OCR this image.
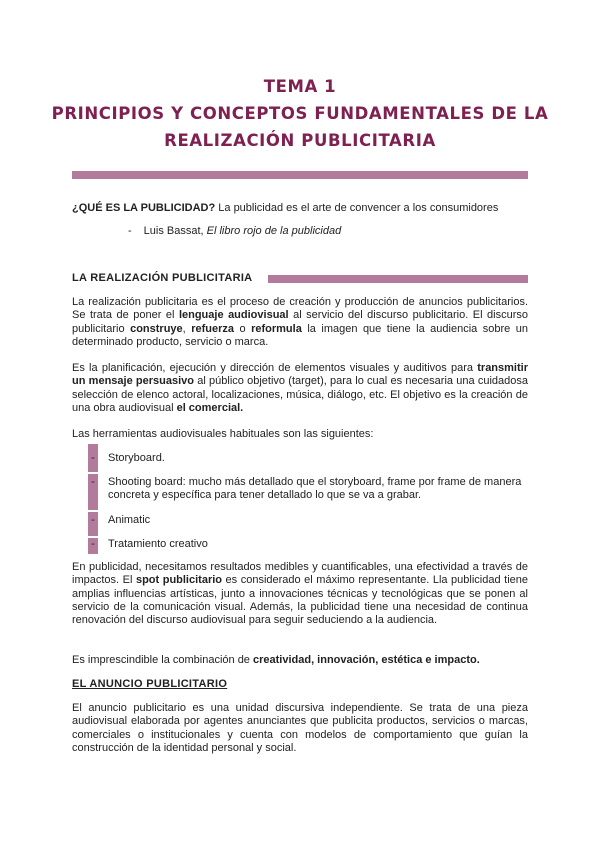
TEMA 1
PRINCIPIOS Y CONCEPTOS FUNDAMENTALES DE LA
REALIZACIÓN PUBLICITARIA

¿QUÉ ES LA PUBLICIDAD? La publicidad es el arte de convencer a los consumidores

- Luis Bassat, El libro rojo de la publicidad
LA REALIZACIÓN PUBLICITARIA

La realización publicitaria es el proceso de creación y producción de anuncios publicitarios. Se trata de poner el lenguaje audiovisual al servicio del discurso publicitario. El discurso publicitario construye, refuerza o reformula la imagen que tiene la audiencia sobre un determinado producto, servicio o marca.

Es la planificación, ejecución y dirección de elementos visuales y auditivos para transmitir un mensaje persuasivo al público objetivo (target), para lo cual es necesaria una cuidadosa selección de elenco actoral, localizaciones, música, diálogo, etc. El objetivo es la creación de una obra audiovisual el comercial.

Las herramientas audiovisuales habituales son las siguientes:

-
-
-
-
Storyboard.
Shooting board: mucho más detallado que el storyboard, frame por frame de manera concreta y específica para tener detallado lo que se va a grabar.
Animatic
Tratamiento creativo

En publicidad, necesitamos resultados medibles y cuantificables, una efectividad a través de impactos. El spot publicitario es considerado el máximo representante. Lla publicidad tiene amplias influencias artísticas, junto a innovaciones técnicas y tecnológicas que se ponen al servicio de la comunicación visual. Además, la publicidad tiene una necesidad de continua renovación del discurso audiovisual para seguir seduciendo a la audiencia.

Es imprescindible la combinación de creatividad, innovación, estética e impacto.

EL ANUNCIO PUBLICITARIO

El anuncio publicitario es una unidad discursiva independiente. Se trata de una pieza audiovisual elaborada por agentes anunciantes que publicita productos, servicios o marcas, comerciales o institucionales y cuenta con modelos de comportamiento que guían la construcción de la identidad personal y social.
